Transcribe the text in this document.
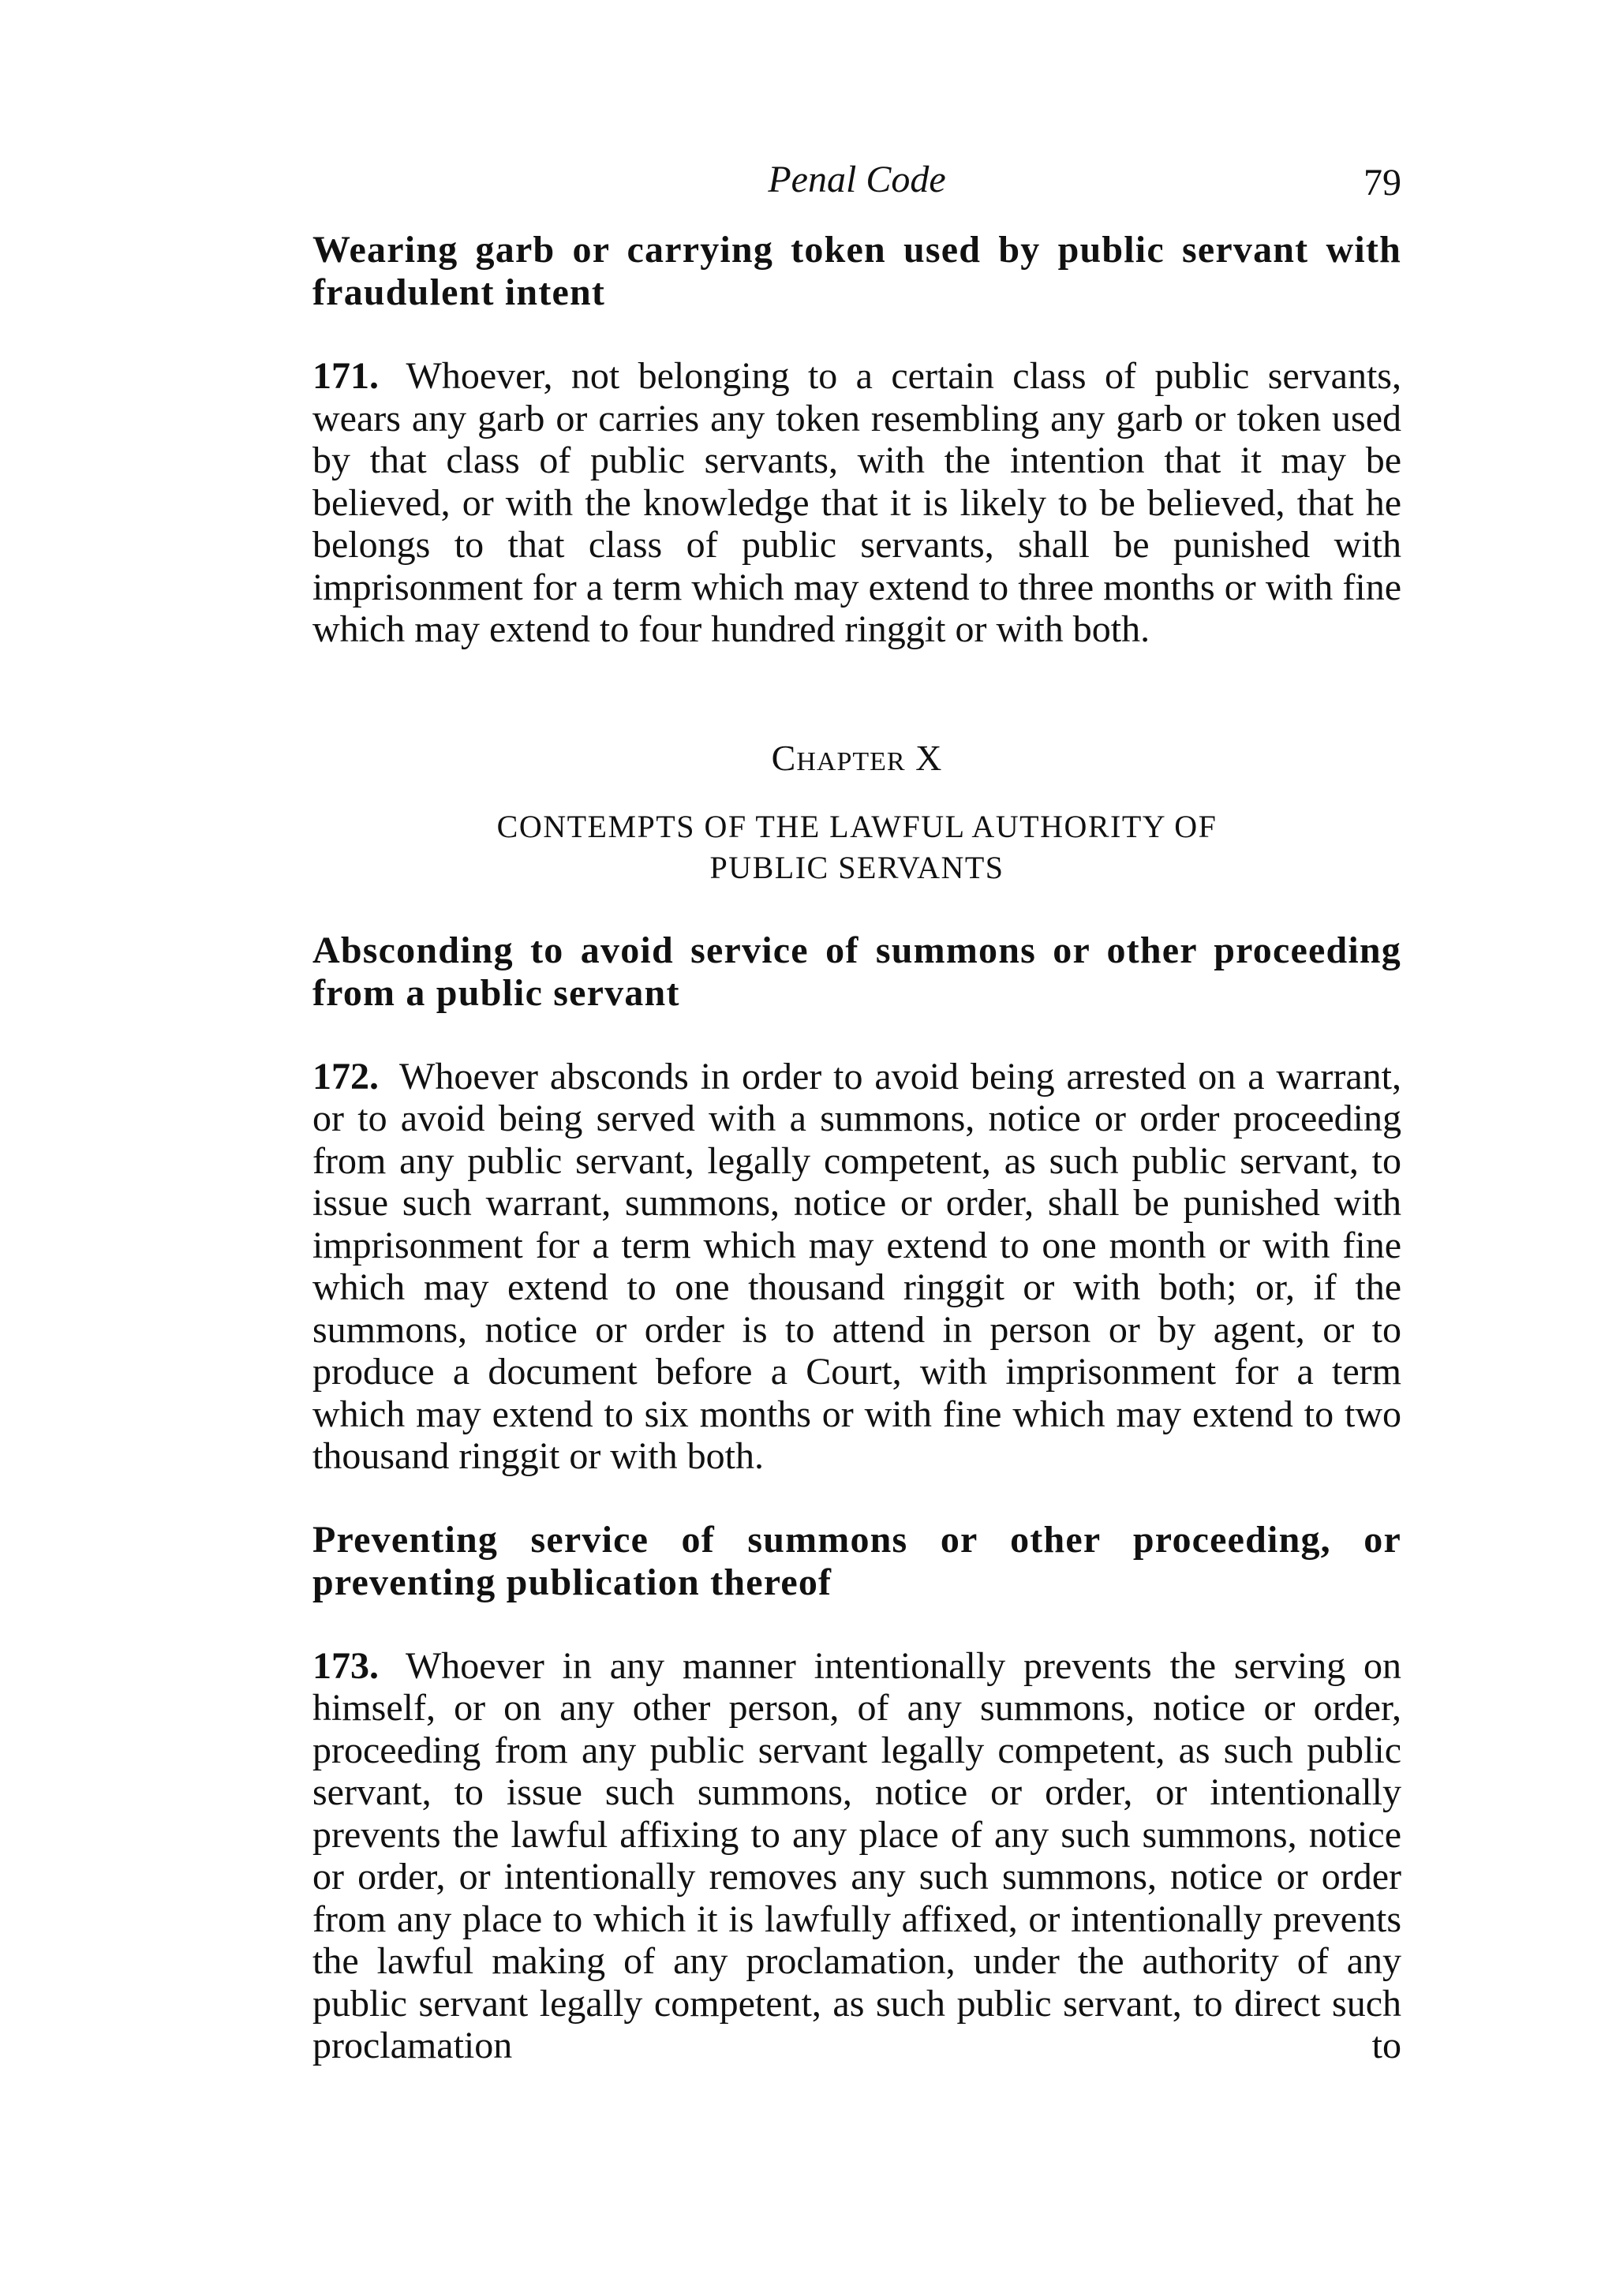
Penal Code	79

Wearing garb or carrying token used by public servant with fraudulent intent

171. Whoever, not belonging to a certain class of public servants, wears any garb or carries any token resembling any garb or token used by that class of public servants, with the intention that it may be believed, or with the knowledge that it is likely to be believed, that he belongs to that class of public servants, shall be punished with imprisonment for a term which may extend to three months or with fine which may extend to four hundred ringgit or with both.

CHAPTER X

CONTEMPTS OF THE LAWFUL AUTHORITY OF

PUBLIC SERVANTS

Absconding to avoid service of summons or other proceeding from a public servant

172. Whoever absconds in order to avoid being arrested on a warrant, or to avoid being served with a summons, notice or order proceeding from any public servant, legally competent, as such public servant, to issue such warrant, summons, notice or order, shall be punished with imprisonment for a term which may extend to one month or with fine which may extend to one thousand ringgit or with both; or, if the summons, notice or order is to attend in person or by agent, or to produce a document before a Court, with imprisonment for a term which may extend to six months or with fine which may extend to two thousand ringgit or with both.

Preventing service of summons or other proceeding, or preventing publication thereof

173. Whoever in any manner intentionally prevents the serving on himself, or on any other person, of any summons, notice or order, proceeding from any public servant legally competent, as such public servant, to issue such summons, notice or order, or intentionally prevents the lawful affixing to any place of any such summons, notice or order, or intentionally removes any such summons, notice or order from any place to which it is lawfully affixed, or intentionally prevents the lawful making of any proclamation, under the authority of any public servant legally competent, as such public servant, to direct such proclamation to
